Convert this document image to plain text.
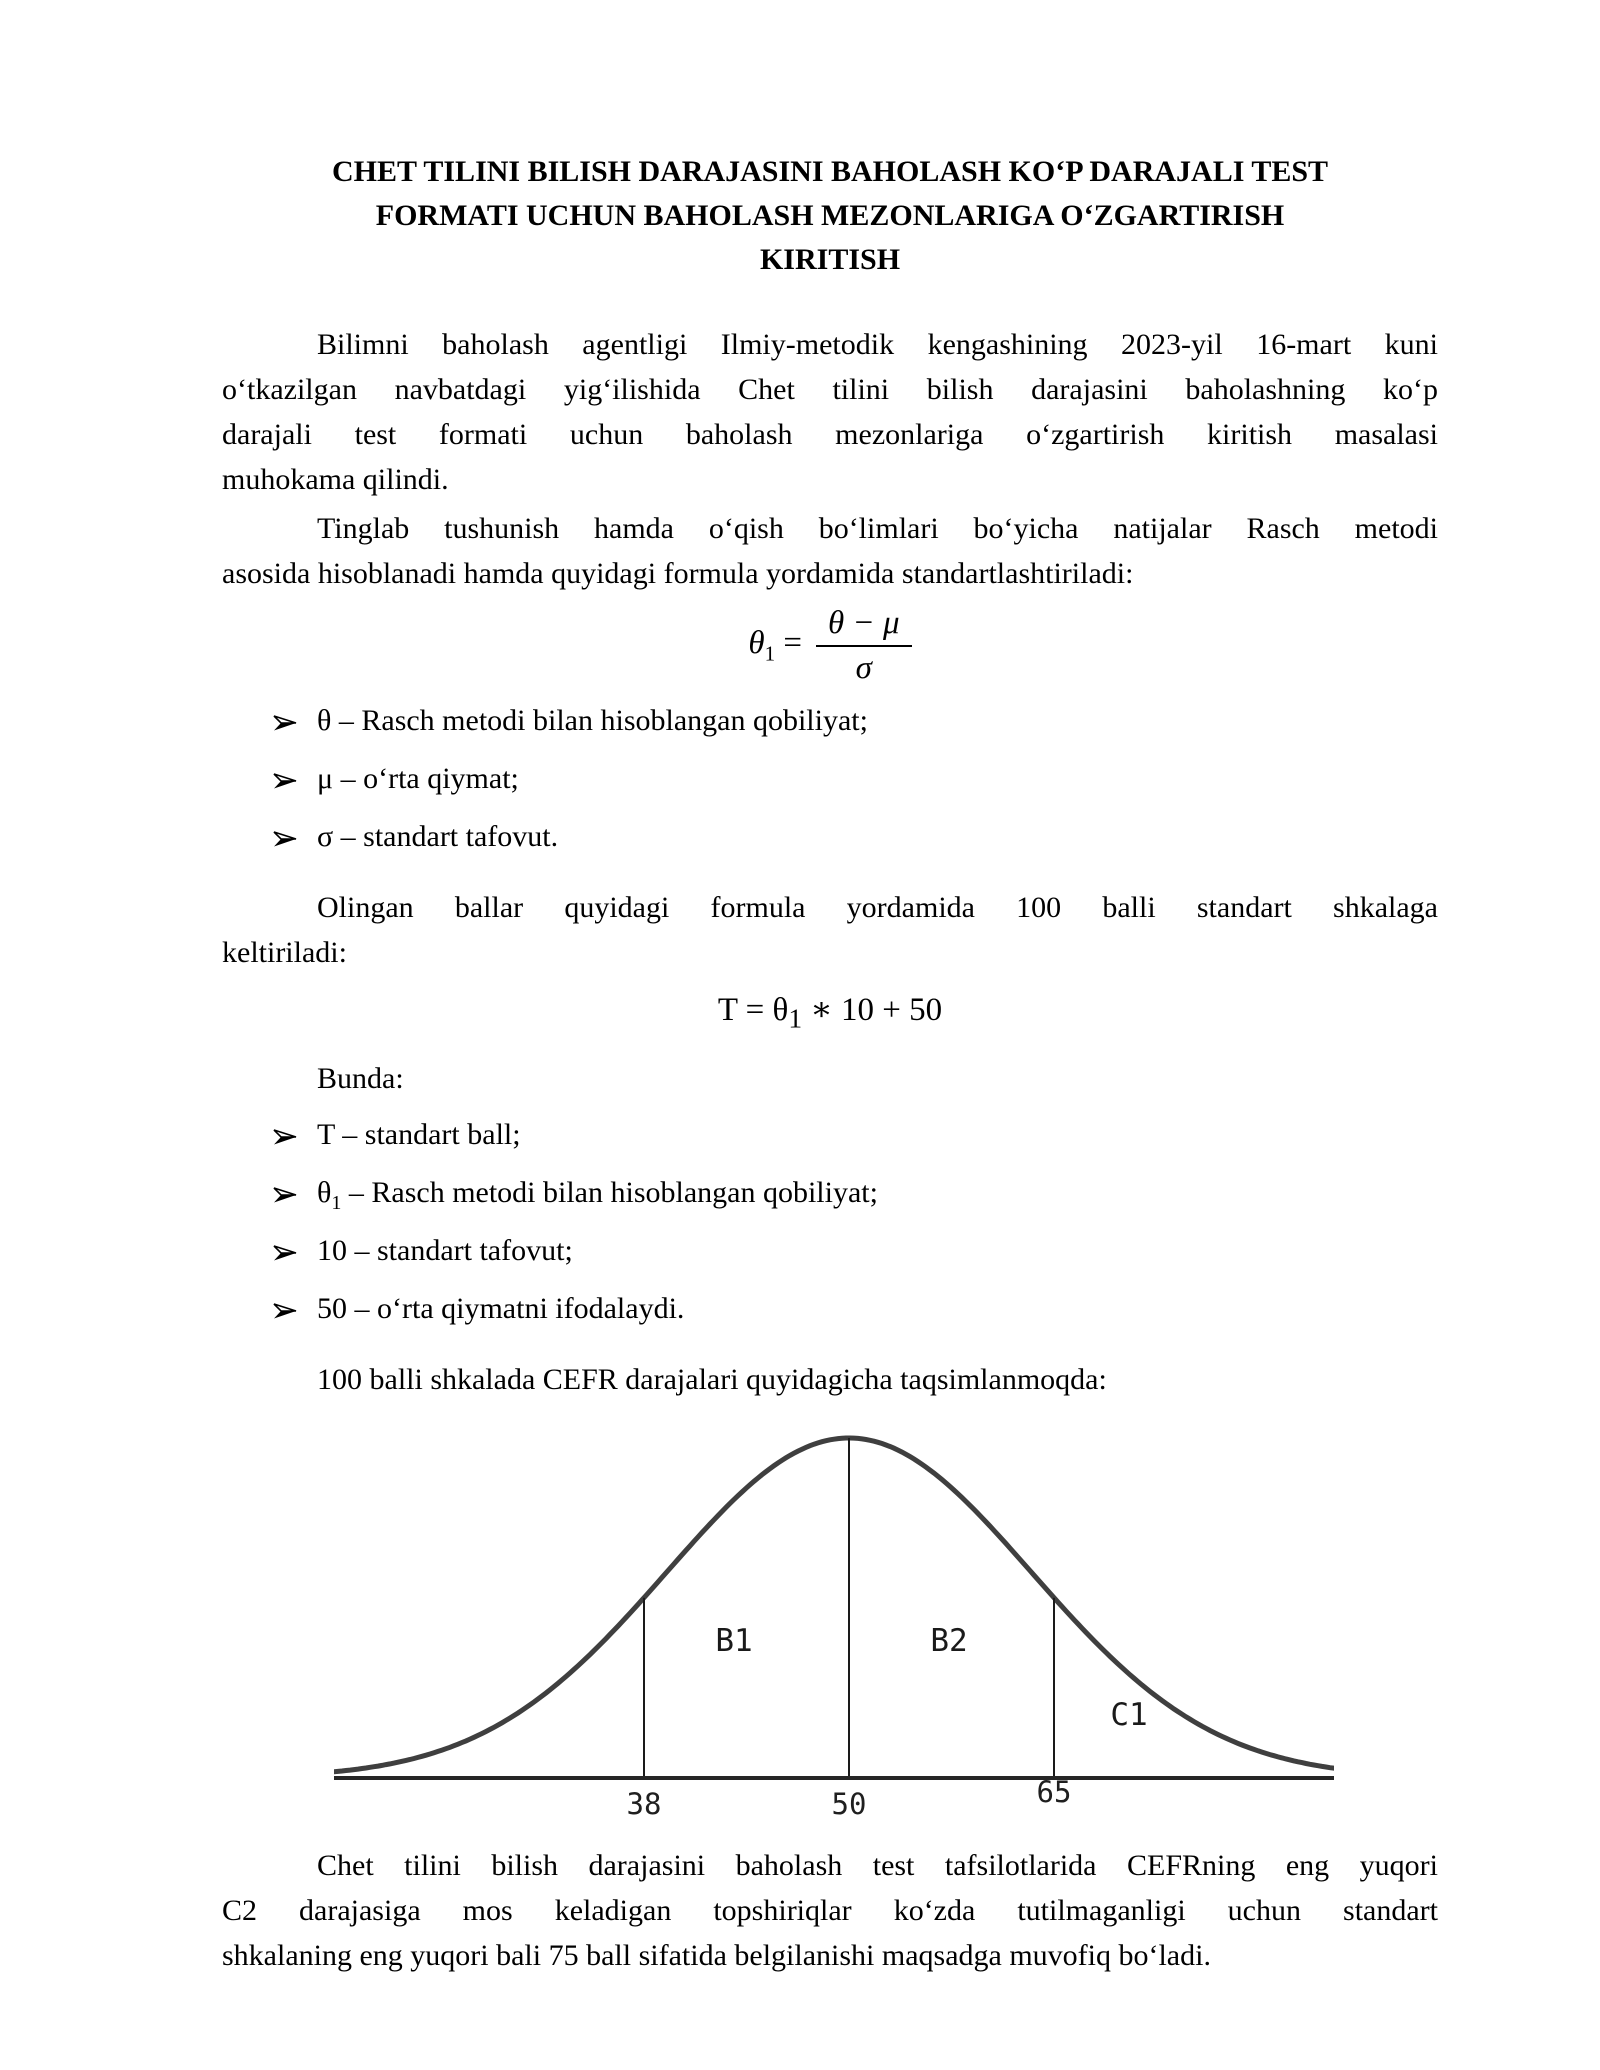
CHET TILINI BILISH DARAJASINI BAHOLASH KO‘P DARAJALI TEST
FORMATI UCHUN BAHOLASH MEZONLARIGA O‘ZGARTIRISH
KIRITISH
Bilimni baholash agentligi Ilmiy-metodik kengashining 2023-yil 16-mart kuni
o‘tkazilgan navbatdagi yig‘ilishida Chet tilini bilish darajasini baholashning ko‘p
darajali test formati uchun baholash mezonlariga o‘zgartirish kiritish masalasi
muhokama qilindi.
Tinglab tushunish hamda o‘qish bo‘limlari bo‘yicha natijalar Rasch metodi
asosida hisoblanadi hamda quyidagi formula yordamida standartlashtiriladi:
$\theta_1 = \frac{\theta - \mu}{\sigma}$
θ – Rasch metodi bilan hisoblangan qobiliyat;
μ – o‘rta qiymat;
σ – standart tafovut.
Olingan ballar quyidagi formula yordamida 100 balli standart shkalaga
keltiriladi:
$T = \theta_1$ ∗ 10 + 50
Bunda:
T – standart ball;
$\theta_1$ – Rasch metodi bilan hisoblangan qobiliyat;
10 – standart tafovut;
50 – o‘rta qiymatni ifodalaydi.
100 balli shkalada CEFR darajalari quyidagicha taqsimlanmoqda:
38	50	65
B1	B2
C1
Chet tilini bilish darajasini baholash test tafsilotlarida CEFRning eng yuqori
C2 darajasiga mos keladigan topshiriqlar ko‘zda tutilmaganligi uchun standart
shkalaning eng yuqori bali 75 ball sifatida belgilanishi maqsadga muvofiq bo‘ladi.
